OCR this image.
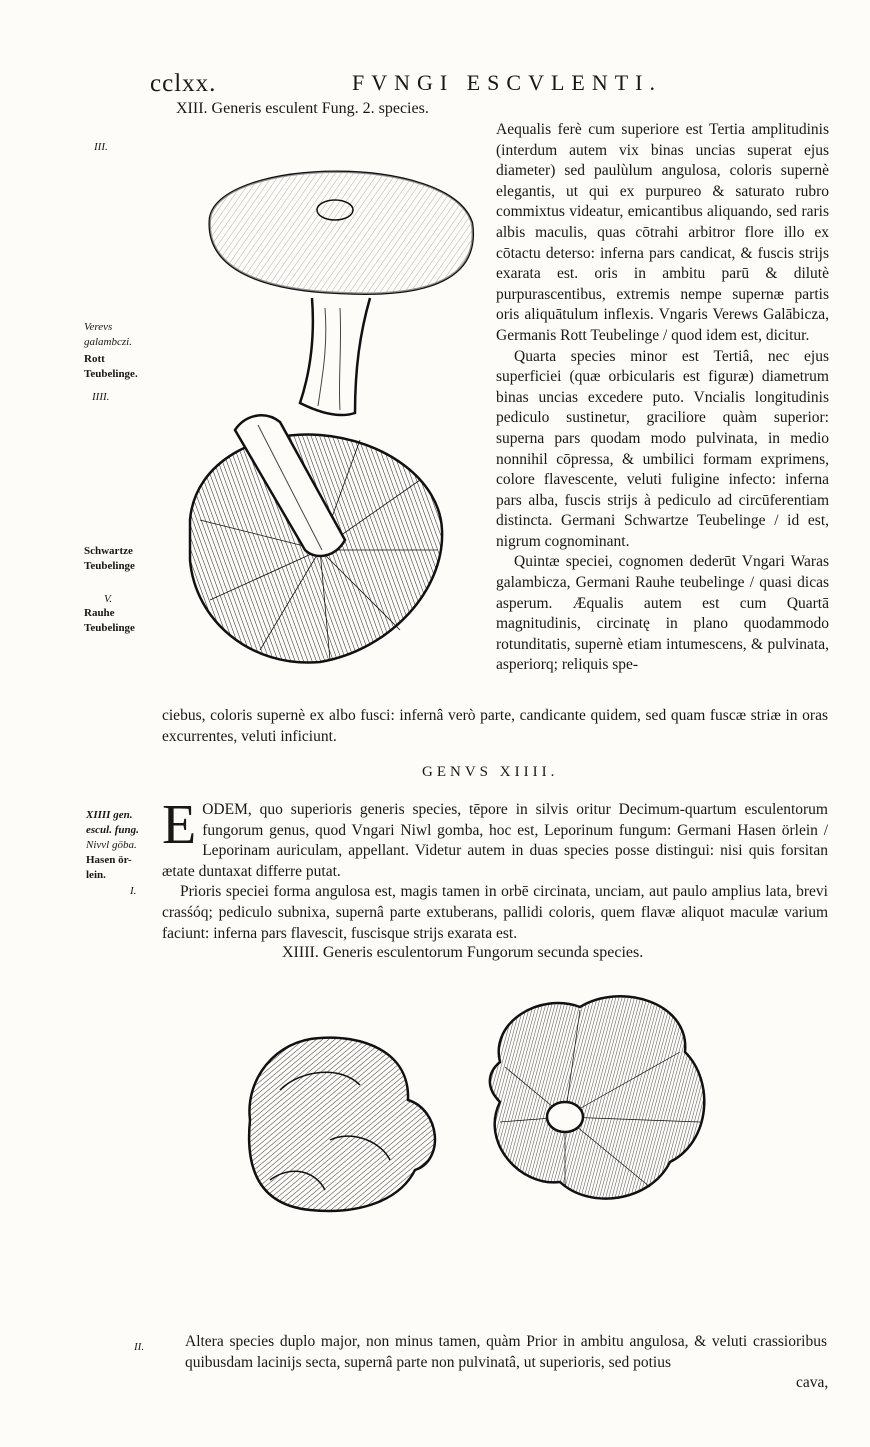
cclxx.	FVNGI ESCVLENTI.
XIII. Generis esculent Fung. 2. species.
III.
Verevs galambczi.
Rott Teubelinge.
IIII.
Schwartze Teubelinge
V.
Rauhe Teubelinge

Aequalis ferè cum superiore est Tertia amplitudinis (interdum autem vix binas uncias superat ejus diameter) sed paulùlum angulosa, coloris supernè elegantis, ut qui ex purpureo & saturato rubro commixtus videatur, emicantibus aliquando, sed raris albis maculis, quas cōtrahi arbitror flore illo ex cōtactu deterso: inferna pars candicat, & fuscis strijs exarata est. oris in ambitu parū & dilutè purpurascentibus, extremis nempe supernæ partis oris aliquātulum inflexis. Vngaris Verews Galābicza, Germanis Rott Teubelinge / quod idem est, dicitur.

Quarta species minor est Tertiâ, nec ejus superficiei (quæ orbicularis est figuræ) diametrum binas uncias excedere puto. Vncialis longitudinis pediculo sustinetur, graciliore quàm superior: superna pars quodam modo pulvinata, in medio nonnihil cōpressa, & umbilici formam exprimens, colore flavescente, veluti fuligine infecto: inferna pars alba, fuscis strijs à pediculo ad circūferentiam distincta. Germani Schwartze Teubelinge / id est, nigrum cognominant.

Quintæ speciei, cognomen dederūt Vngari Waras galambicza, Germani Rauhe teubelinge / quasi dicas asperum. Æqualis autem est cum Quartā magnitudinis, circinatę in plano quodammodo rotunditatis, supernè etiam intumescens, & pulvinata, asperiorq; reliquis spe-

ciebus, coloris supernè ex albo fusci: infernâ verò parte, candicante quidem, sed quam fuscæ striæ in oras excurrentes, veluti inficiunt.
GENVS XIIII.
XIIII gen.
escul. fung.
Nivvl göba.
Hasen ör-lein.
I.
E ODEM, quo superioris generis species, tēpore in silvis oritur Decimum-quartum esculentorum fungorum genus, quod Vngari Niwl gomba, hoc est, Leporinum fungum: Germani Hasen örlein / Leporinam auriculam, appellant. Videtur autem in duas species posse distingui: nisi quis forsitan ætate duntaxat differre putat.
Prioris speciei forma angulosa est, magis tamen in orbē circinata, unciam, aut paulo amplius lata, brevi crasśóq; pediculo subnixa, supernâ parte extuberans, pallidi coloris, quem flavæ aliquot maculæ varium faciunt: inferna pars flavescit, fuscisque strijs exarata est.
XIIII. Generis esculentorum Fungorum secunda species.
II.	Altera species duplo major, non minus tamen, quàm Prior in ambitu angulosa, & veluti crassioribus quibusdam lacinijs secta, supernâ parte non pulvinatâ, ut superioris, sed potius
cava,
